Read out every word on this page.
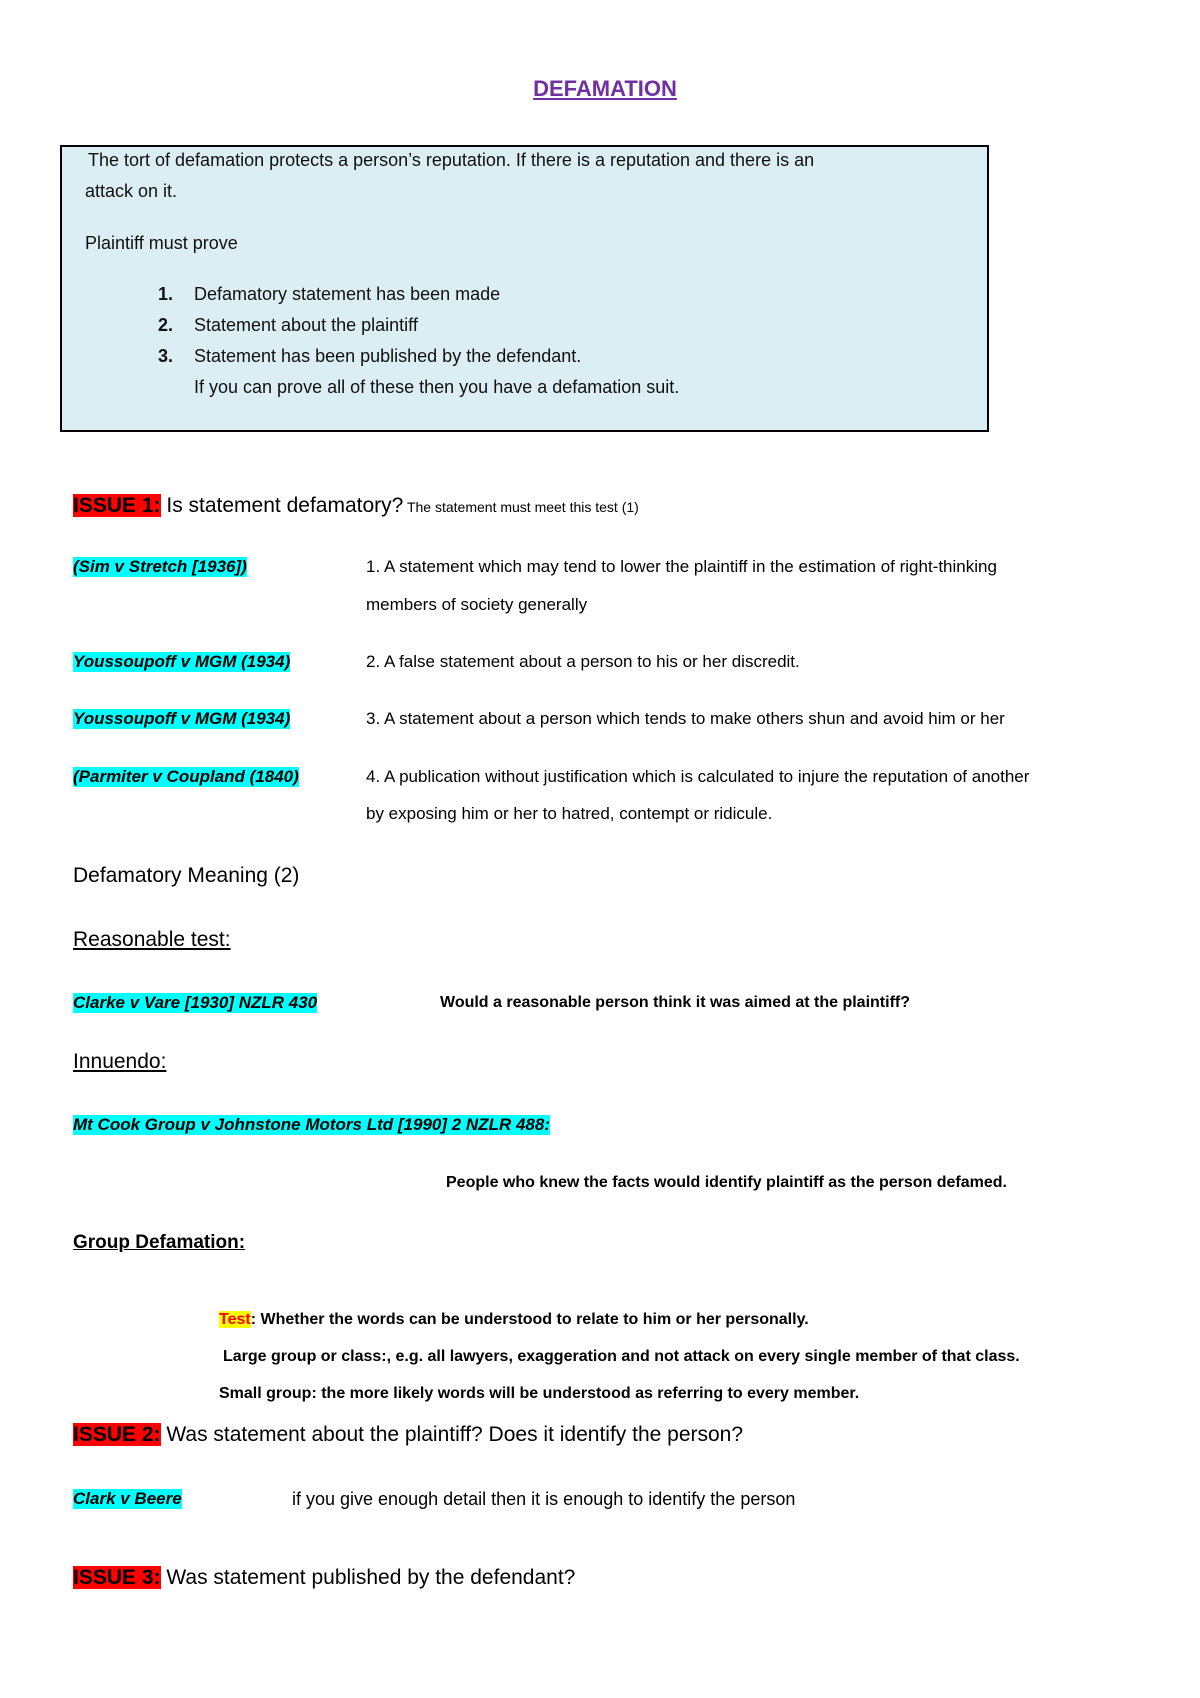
DEFAMATION
The tort of defamation protects a person’s reputation. If there is a reputation and there is an
attack on it.
Plaintiff must prove
1. Defamatory statement has been made
2. Statement about the plaintiff
3. Statement has been published by the defendant.
If you can prove all of these then you have a defamation suit.
ISSUE 1: Is statement defamatory? The statement must meet this test (1)
(Sim v Stretch [1936])	1. A statement which may tend to lower the plaintiff in the estimation of right-thinking
members of society generally
Youssoupoff v MGM (1934)	2. A false statement about a person to his or her discredit.
Youssoupoff v MGM (1934)	3. A statement about a person which tends to make others shun and avoid him or her
(Parmiter v Coupland (1840)	4. A publication without justification which is calculated to injure the reputation of another
by exposing him or her to hatred, contempt or ridicule.
Defamatory Meaning (2)
Reasonable test:
Clarke v Vare [1930] NZLR 430	Would a reasonable person think it was aimed at the plaintiff?
Innuendo:
Mt Cook Group v Johnstone Motors Ltd [1990] 2 NZLR 488:
People who knew the facts would identify plaintiff as the person defamed.
Group Defamation:
Test: Whether the words can be understood to relate to him or her personally.
Large group or class:, e.g. all lawyers, exaggeration and not attack on every single member of that class.
Small group: the more likely words will be understood as referring to every member.
ISSUE 2: Was statement about the plaintiff? Does it identify the person?
Clark v Beere	if you give enough detail then it is enough to identify the person
ISSUE 3: Was statement published by the defendant?
